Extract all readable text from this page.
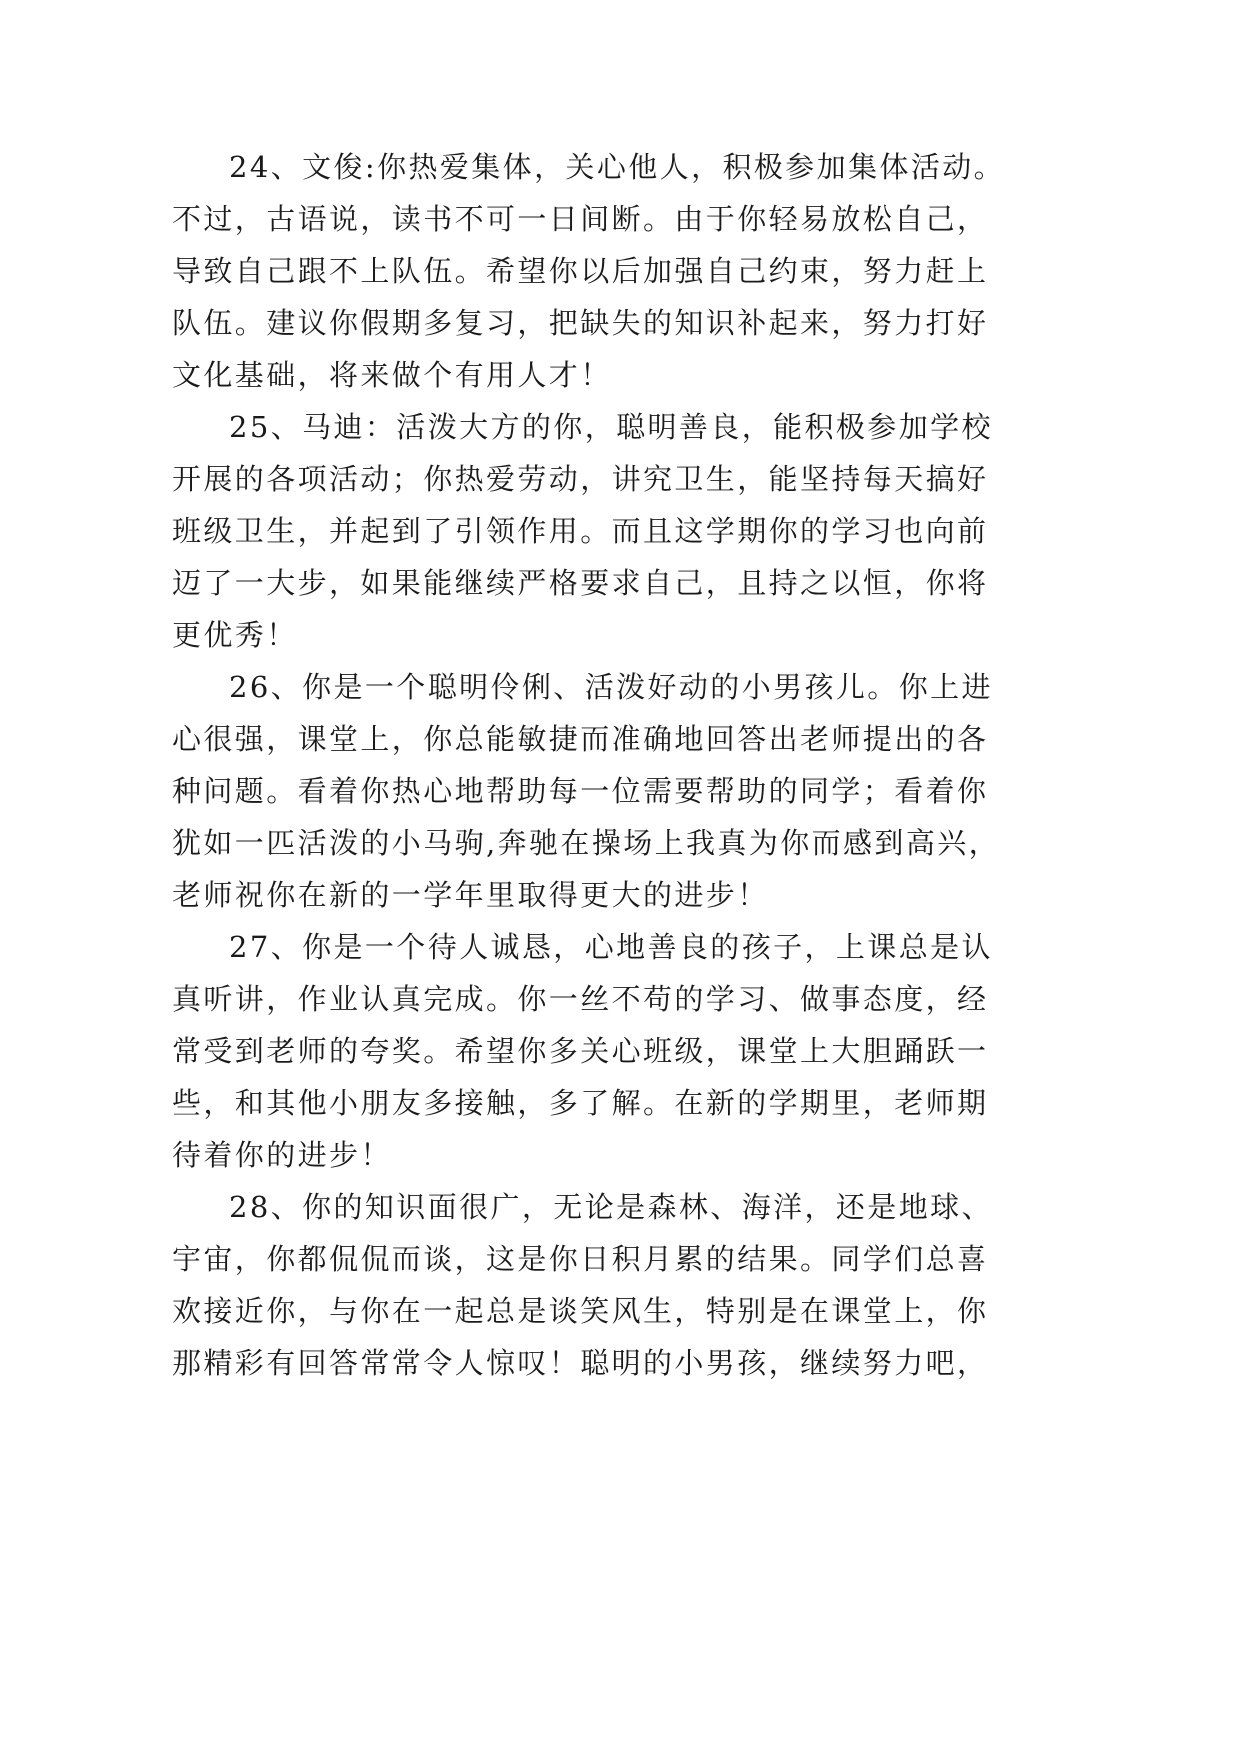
24、文俊:你热爱集体，关心他人，积极参加集体活动。

不过，古语说，读书不可一日间断。由于你轻易放松自己，

导致自己跟不上队伍。希望你以后加强自己约束，努力赶上

队伍。建议你假期多复习，把缺失的知识补起来，努力打好

文化基础，将来做个有用人才！

25、马迪：活泼大方的你，聪明善良，能积极参加学校

开展的各项活动；你热爱劳动，讲究卫生，能坚持每天搞好

班级卫生，并起到了引领作用。而且这学期你的学习也向前

迈了一大步，如果能继续严格要求自己，且持之以恒，你将

更优秀！

26、你是一个聪明伶俐、活泼好动的小男孩儿。你上进

心很强，课堂上，你总能敏捷而准确地回答出老师提出的各

种问题。看着你热心地帮助每一位需要帮助的同学；看着你

犹如一匹活泼的小马驹,奔驰在操场上我真为你而感到高兴，

老师祝你在新的一学年里取得更大的进步！

27、你是一个待人诚恳，心地善良的孩子，上课总是认

真听讲，作业认真完成。你一丝不苟的学习、做事态度，经

常受到老师的夸奖。希望你多关心班级，课堂上大胆踊跃一

些，和其他小朋友多接触，多了解。在新的学期里，老师期

待着你的进步！

28、你的知识面很广，无论是森林、海洋，还是地球、

宇宙，你都侃侃而谈，这是你日积月累的结果。同学们总喜

欢接近你，与你在一起总是谈笑风生，特别是在课堂上，你

那精彩有回答常常令人惊叹！聪明的小男孩，继续努力吧，
